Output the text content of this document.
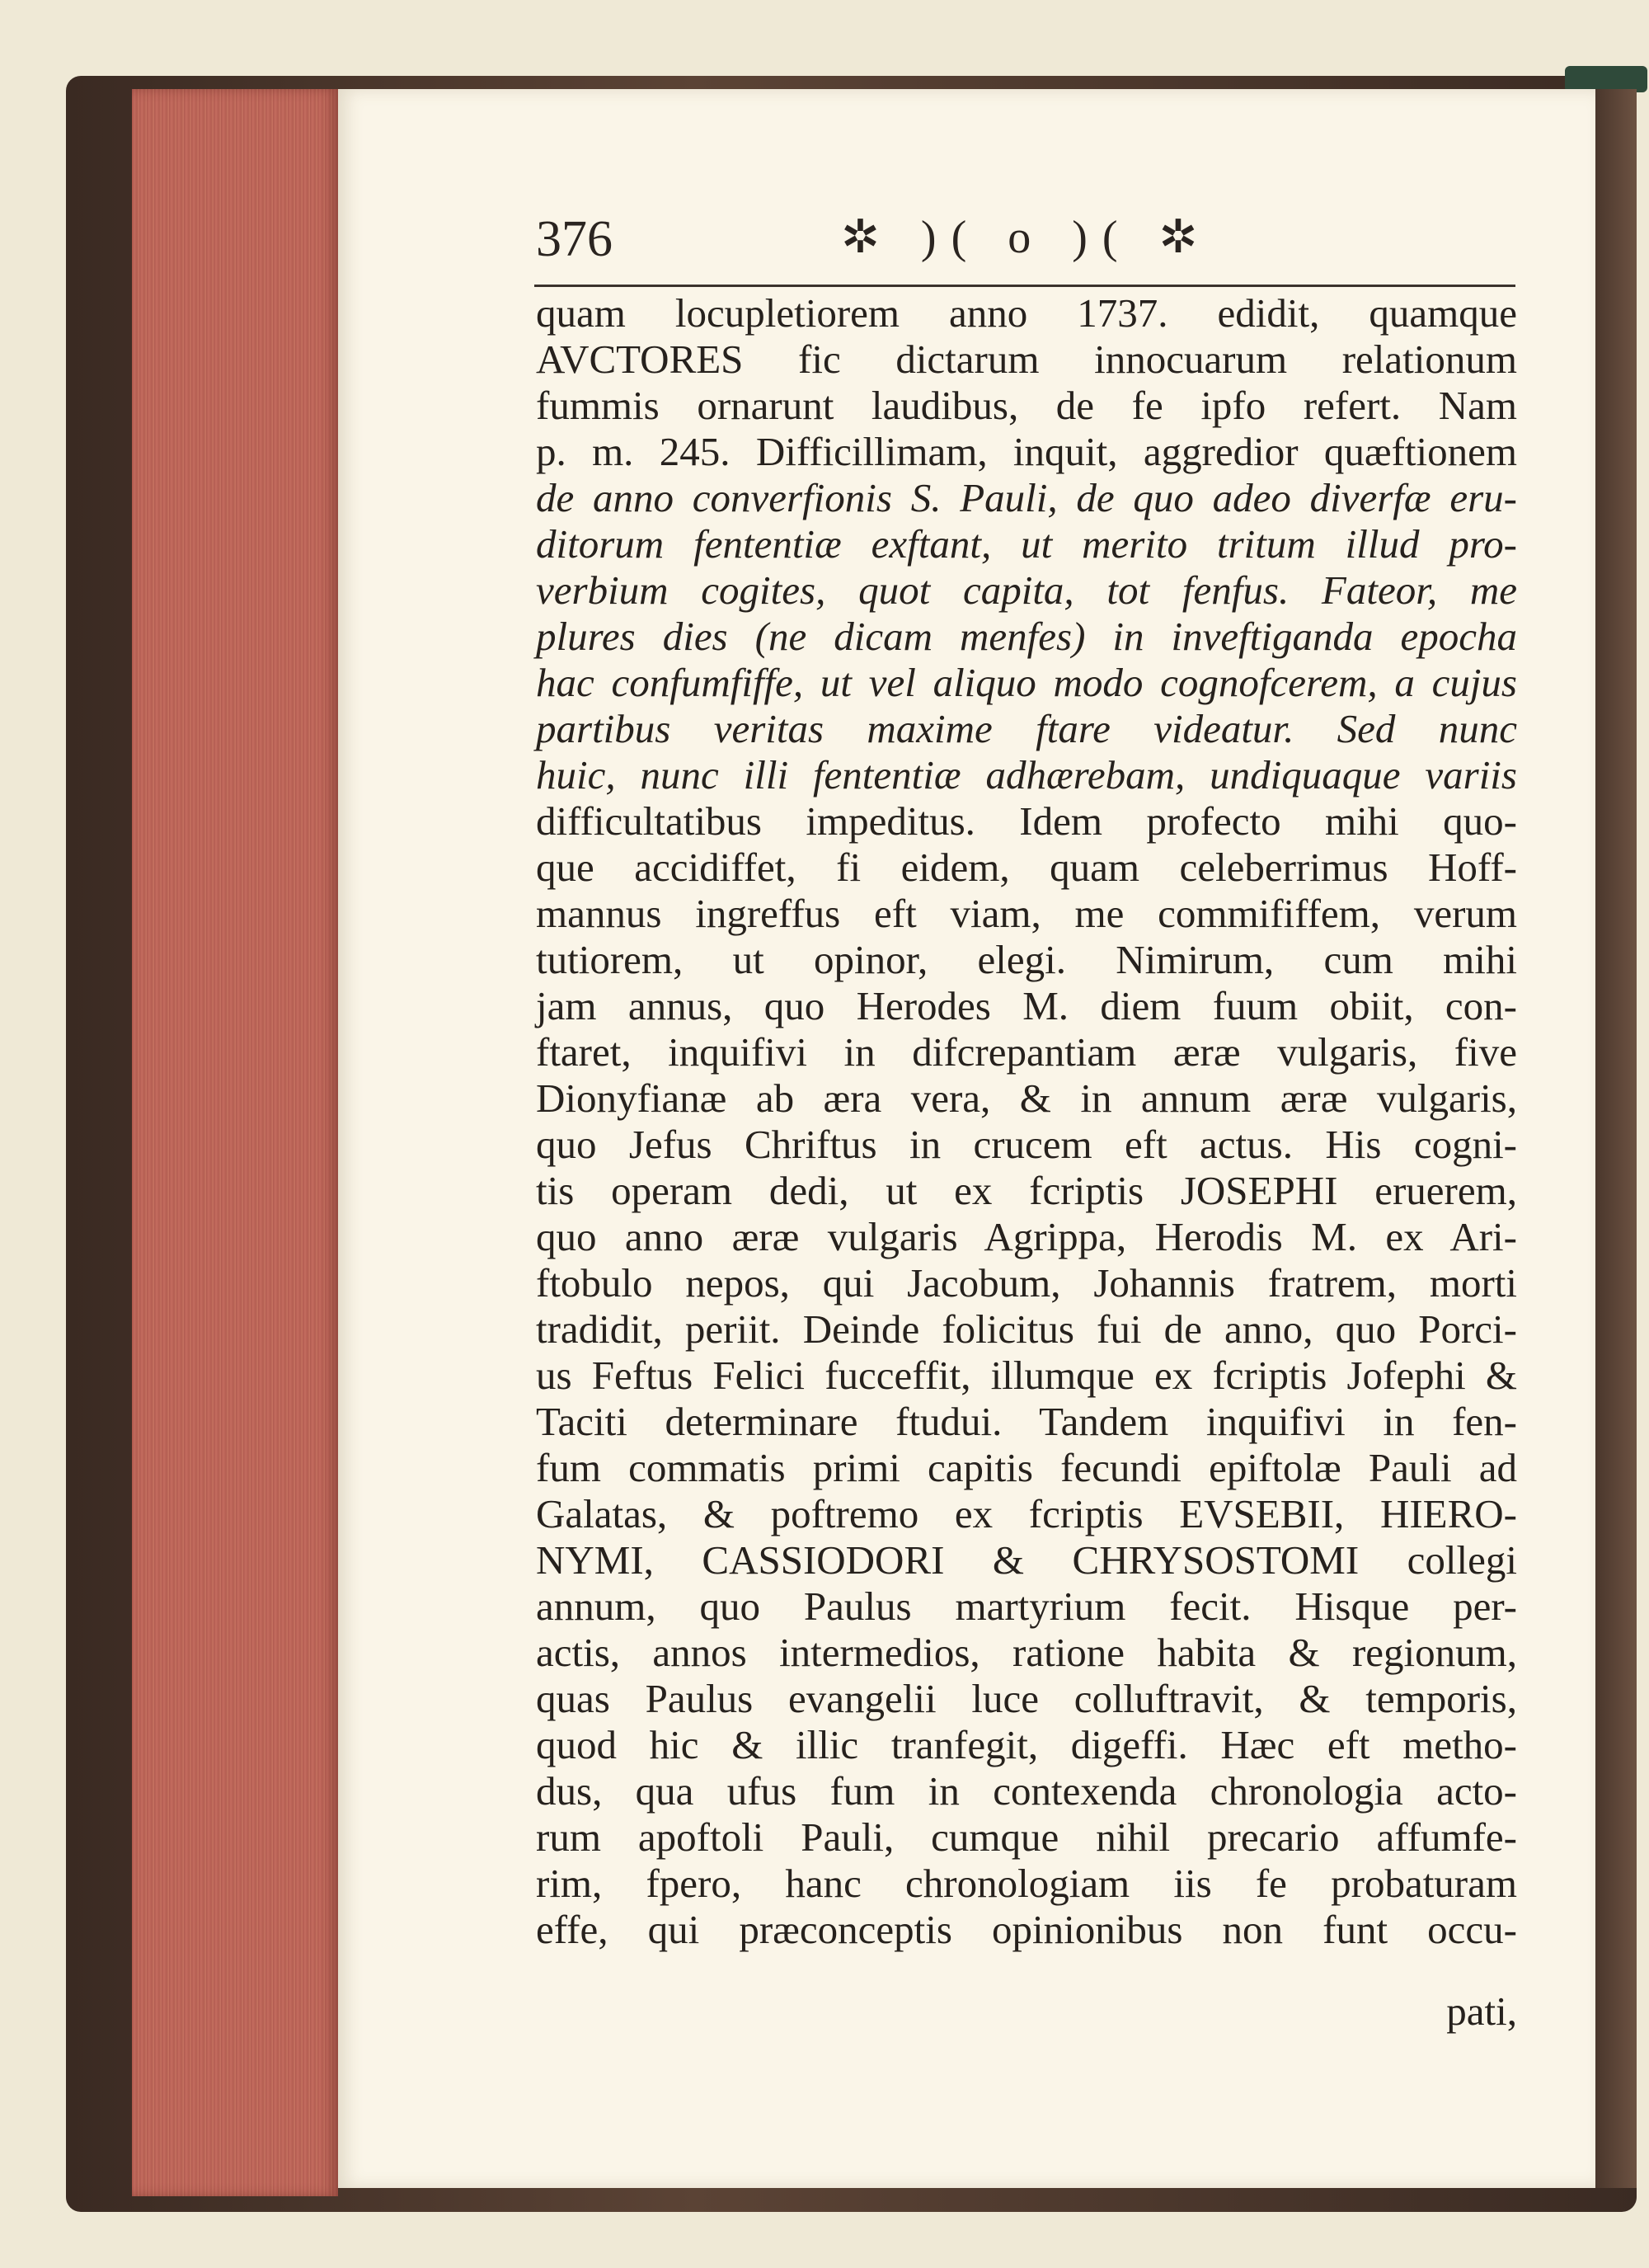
376	✲ )( o )( ✲
quam locupletiorem anno 1737. edidit, quamque
AVCTORES fic dictarum innocuarum relationum
fummis ornarunt laudibus, de fe ipfo refert. Nam
p. m. 245. Difficillimam, inquit, aggredior quæftionem
de anno converfionis S. Pauli, de quo adeo diverfæ eru-
ditorum fententiæ exftant, ut merito tritum illud pro-
verbium cogites, quot capita, tot fenfus. Fateor, me
plures dies (ne dicam menfes) in inveftiganda epocha
hac confumfiffe, ut vel aliquo modo cognofcerem, a cujus
partibus veritas maxime ftare videatur. Sed nunc
huic, nunc illi fententiæ adhærebam, undiquaque variis
difficultatibus impeditus. Idem profecto mihi quo-
que accidiffet, fi eidem, quam celeberrimus Hoff-
mannus ingreffus eft viam, me commififfem, verum
tutiorem, ut opinor, elegi. Nimirum, cum mihi
jam annus, quo Herodes M. diem fuum obiit, con-
ftaret, inquifivi in difcrepantiam æræ vulgaris, five
Dionyfianæ ab æra vera, & in annum æræ vulgaris,
quo Jefus Chriftus in crucem eft actus. His cogni-
tis operam dedi, ut ex fcriptis JOSEPHI eruerem,
quo anno æræ vulgaris Agrippa, Herodis M. ex Ari-
ftobulo nepos, qui Jacobum, Johannis fratrem, morti
tradidit, periit. Deinde folicitus fui de anno, quo Porci-
us Feftus Felici fucceffit, illumque ex fcriptis Jofephi &
Taciti determinare ftudui. Tandem inquifivi in fen-
fum commatis primi capitis fecundi epiftolæ Pauli ad
Galatas, & poftremo ex fcriptis EVSEBII, HIERO-
NYMI, CASSIODORI & CHRYSOSTOMI collegi
annum, quo Paulus martyrium fecit. Hisque per-
actis, annos intermedios, ratione habita & regionum,
quas Paulus evangelii luce colluftravit, & temporis,
quod hic & illic tranfegit, digeffi. Hæc eft metho-
dus, qua ufus fum in contexenda chronologia acto-
rum apoftoli Pauli, cumque nihil precario affumfe-
rim, fpero, hanc chronologiam iis fe probaturam
effe, qui præconceptis opinionibus non funt occu-
pati,
